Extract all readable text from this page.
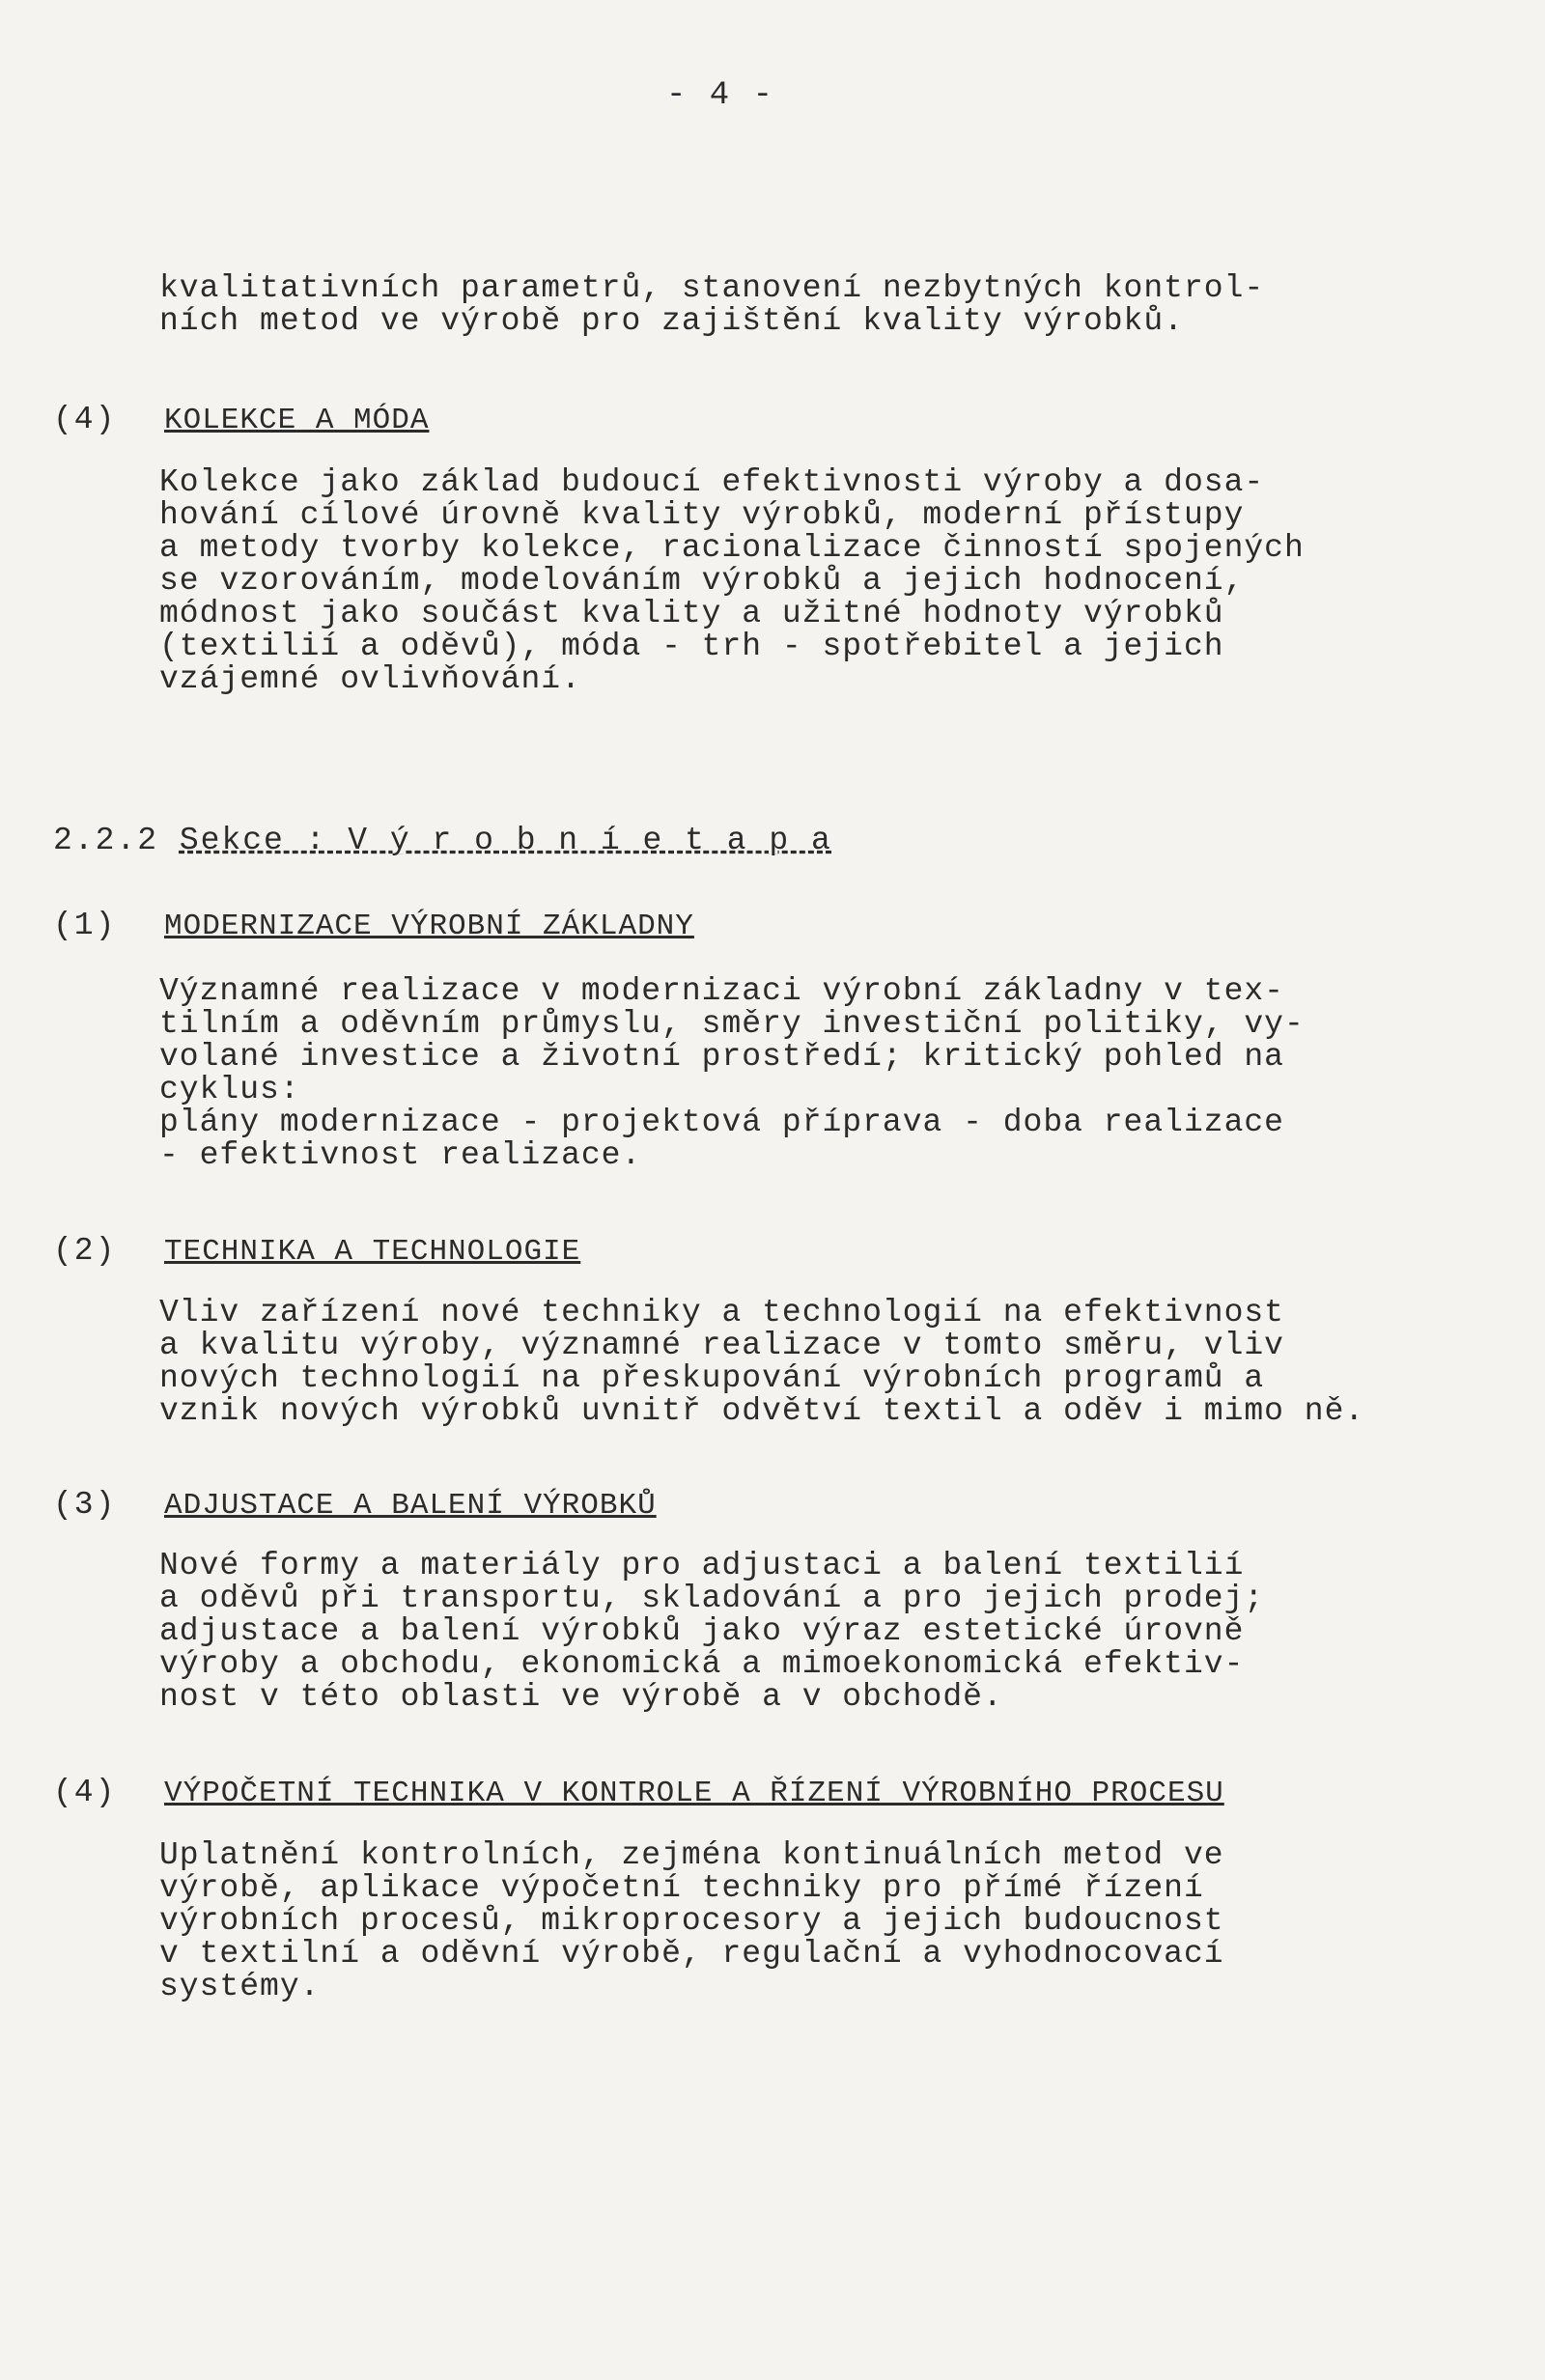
- 4 -
kvalitativních parametrů, stanovení nezbytných kontrol-
ních metod ve výrobě pro zajištění kvality výrobků.
(4) KOLEKCE A MÓDA
Kolekce jako základ budoucí efektivnosti výroby a dosa-
hování cílové úrovně kvality výrobků, moderní přístupy
a metody tvorby kolekce, racionalizace činností spojených
se vzorováním, modelováním výrobků a jejich hodnocení,
módnost jako součást kvality a užitné hodnoty výrobků
(textilií a oděvů), móda - trh - spotřebitel a jejich
vzájemné ovlivňování.
2.2.2 Sekce : V ý r o b n í e t a p a
(1) MODERNIZACE VÝROBNÍ ZÁKLADNY
Významné realizace v modernizaci výrobní základny v tex-
tilním a oděvním průmyslu, směry investiční politiky, vy-
volané investice a životní prostředí; kritický pohled na
cyklus:
plány modernizace - projektová příprava - doba realizace
- efektivnost realizace.
(2) TECHNIKA A TECHNOLOGIE
Vliv zařízení nové techniky a technologií na efektivnost
a kvalitu výroby, významné realizace v tomto směru, vliv
nových technologií na přeskupování výrobních programů a
vznik nových výrobků uvnitř odvětví textil a oděv i mimo ně.
(3) ADJUSTACE A BALENÍ VÝROBKŮ
Nové formy a materiály pro adjustaci a balení textilií
a oděvů při transportu, skladování a pro jejich prodej;
adjustace a balení výrobků jako výraz estetické úrovně
výroby a obchodu, ekonomická a mimoekonomická efektiv-
nost v této oblasti ve výrobě a v obchodě.
(4) VÝPOČETNÍ TECHNIKA V KONTROLE A ŘÍZENÍ VÝROBNÍHO PROCESU
Uplatnění kontrolních, zejména kontinuálních metod ve
výrobě, aplikace výpočetní techniky pro přímé řízení
výrobních procesů, mikroprocesory a jejich budoucnost
v textilní a oděvní výrobě, regulační a vyhodnocovací
systémy.
